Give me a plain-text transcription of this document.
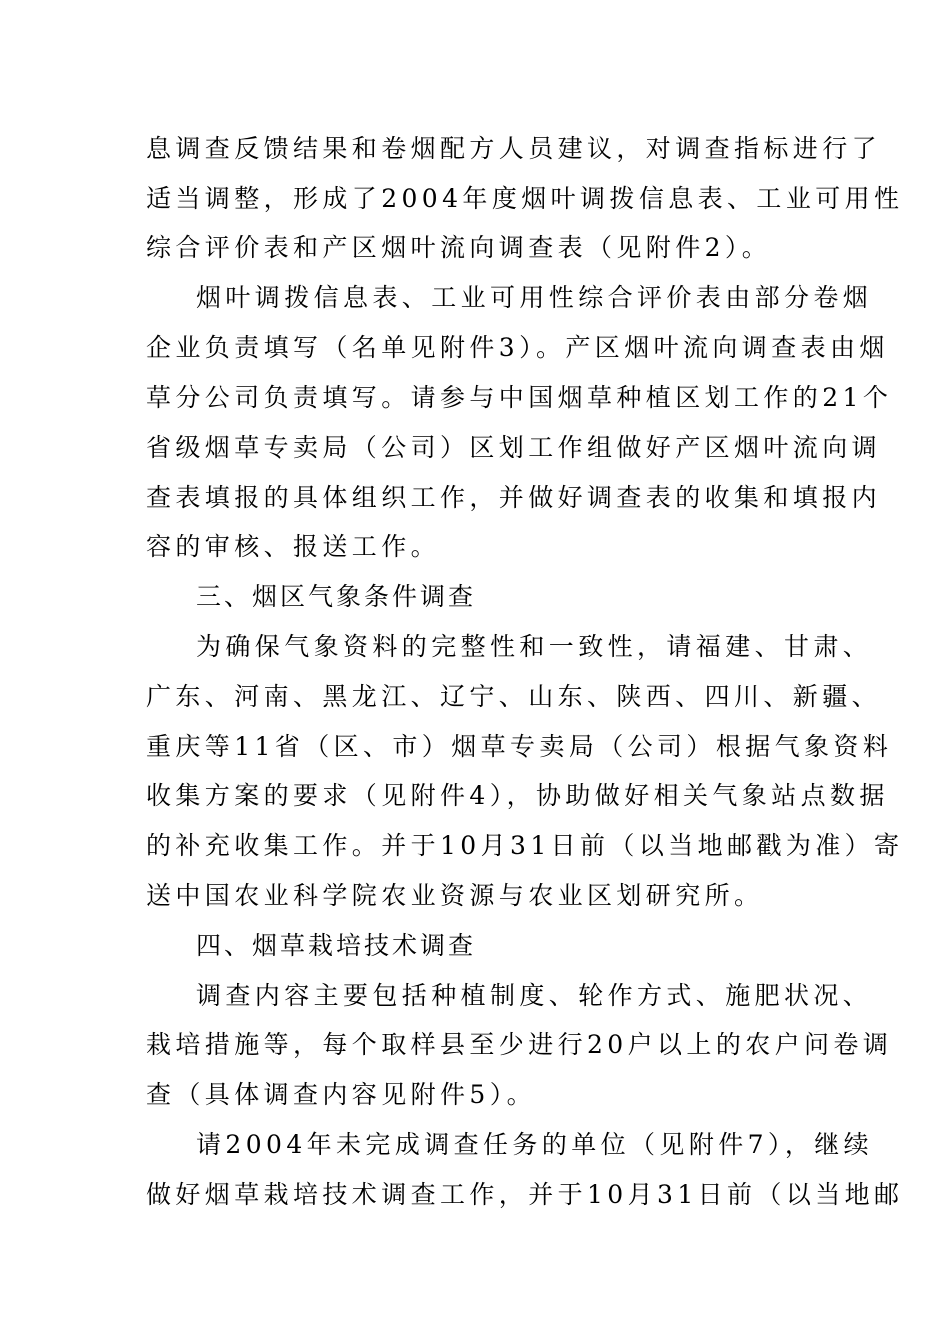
息调查反馈结果和卷烟配方人员建议，对调查指标进行了
适当调整，形成了2004年度烟叶调拨信息表、工业可用性
综合评价表和产区烟叶流向调查表（见附件2）。
烟叶调拨信息表、工业可用性综合评价表由部分卷烟
企业负责填写（名单见附件3）。产区烟叶流向调查表由烟
草分公司负责填写。请参与中国烟草种植区划工作的21个
省级烟草专卖局（公司）区划工作组做好产区烟叶流向调
查表填报的具体组织工作，并做好调查表的收集和填报内
容的审核、报送工作。
三、烟区气象条件调查
为确保气象资料的完整性和一致性，请福建、甘肃、
广东、河南、黑龙江、辽宁、山东、陕西、四川、新疆、
重庆等11省（区、市）烟草专卖局（公司）根据气象资料
收集方案的要求（见附件4），协助做好相关气象站点数据
的补充收集工作。并于10月31日前（以当地邮戳为准）寄
送中国农业科学院农业资源与农业区划研究所。
四、烟草栽培技术调查
调查内容主要包括种植制度、轮作方式、施肥状况、
栽培措施等，每个取样县至少进行20户以上的农户问卷调
查（具体调查内容见附件5）。
请2004年未完成调查任务的单位（见附件7），继续
做好烟草栽培技术调查工作，并于10月31日前（以当地邮
